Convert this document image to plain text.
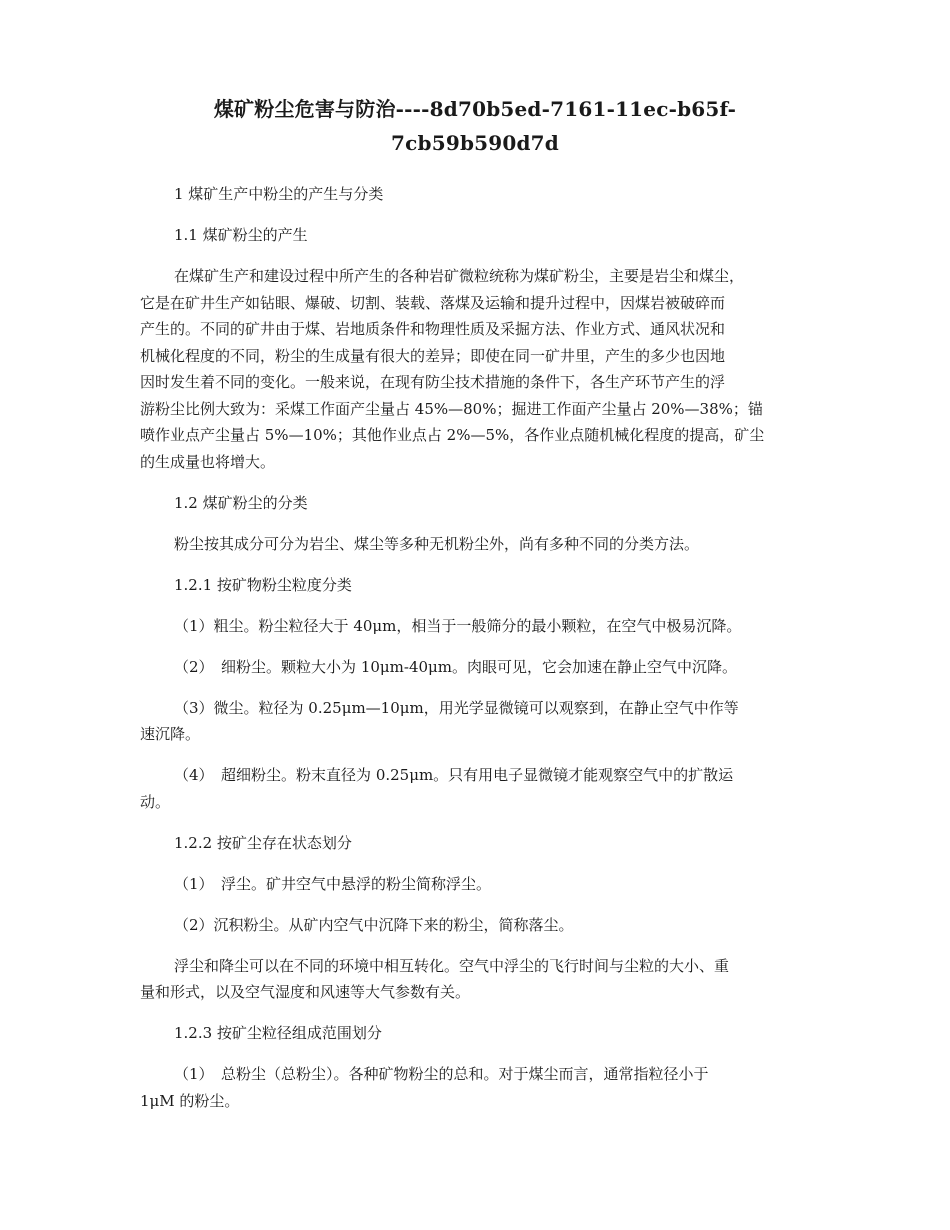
煤矿粉尘危害与防治----8d70b5ed-7161-11ec-b65f-
7cb59b590d7d

1 煤矿生产中粉尘的产生与分类

1.1 煤矿粉尘的产生

在煤矿生产和建设过程中所产生的各种岩矿微粒统称为煤矿粉尘，主要是岩尘和煤尘，
它是在矿井生产如钻眼、爆破、切割、装载、落煤及运输和提升过程中，因煤岩被破碎而
产生的。不同的矿井由于煤、岩地质条件和物理性质及采掘方法、作业方式、通风状况和
机械化程度的不同，粉尘的生成量有很大的差异；即使在同一矿井里，产生的多少也因地
因时发生着不同的变化。一般来说，在现有防尘技术措施的条件下，各生产环节产生的浮
游粉尘比例大致为：采煤工作面产尘量占 45%—80%；掘进工作面产尘量占 20%—38%；锚
喷作业点产尘量占 5%—10%；其他作业点占 2%—5%，各作业点随机械化程度的提高，矿尘
的生成量也将增大。

1.2 煤矿粉尘的分类

粉尘按其成分可分为岩尘、煤尘等多种无机粉尘外，尚有多种不同的分类方法。

1.2.1 按矿物粉尘粒度分类

（1）粗尘。粉尘粒径大于 40μm，相当于一般筛分的最小颗粒，在空气中极易沉降。

（2）　细粉尘。颗粒大小为 10μm-40μm。肉眼可见，它会加速在静止空气中沉降。

（3）微尘。粒径为 0.25μm—10μm，用光学显微镜可以观察到，在静止空气中作等
速沉降。

（4）　超细粉尘。粉末直径为 0.25μm。只有用电子显微镜才能观察空气中的扩散运
动。

1.2.2 按矿尘存在状态划分

（1）　浮尘。矿井空气中悬浮的粉尘简称浮尘。

（2）沉积粉尘。从矿内空气中沉降下来的粉尘，简称落尘。

浮尘和降尘可以在不同的环境中相互转化。空气中浮尘的飞行时间与尘粒的大小、重
量和形式，以及空气湿度和风速等大气参数有关。

1.2.3 按矿尘粒径组成范围划分

（1）　总粉尘（总粉尘）。各种矿物粉尘的总和。对于煤尘而言，通常指粒径小于
1μM 的粉尘。
